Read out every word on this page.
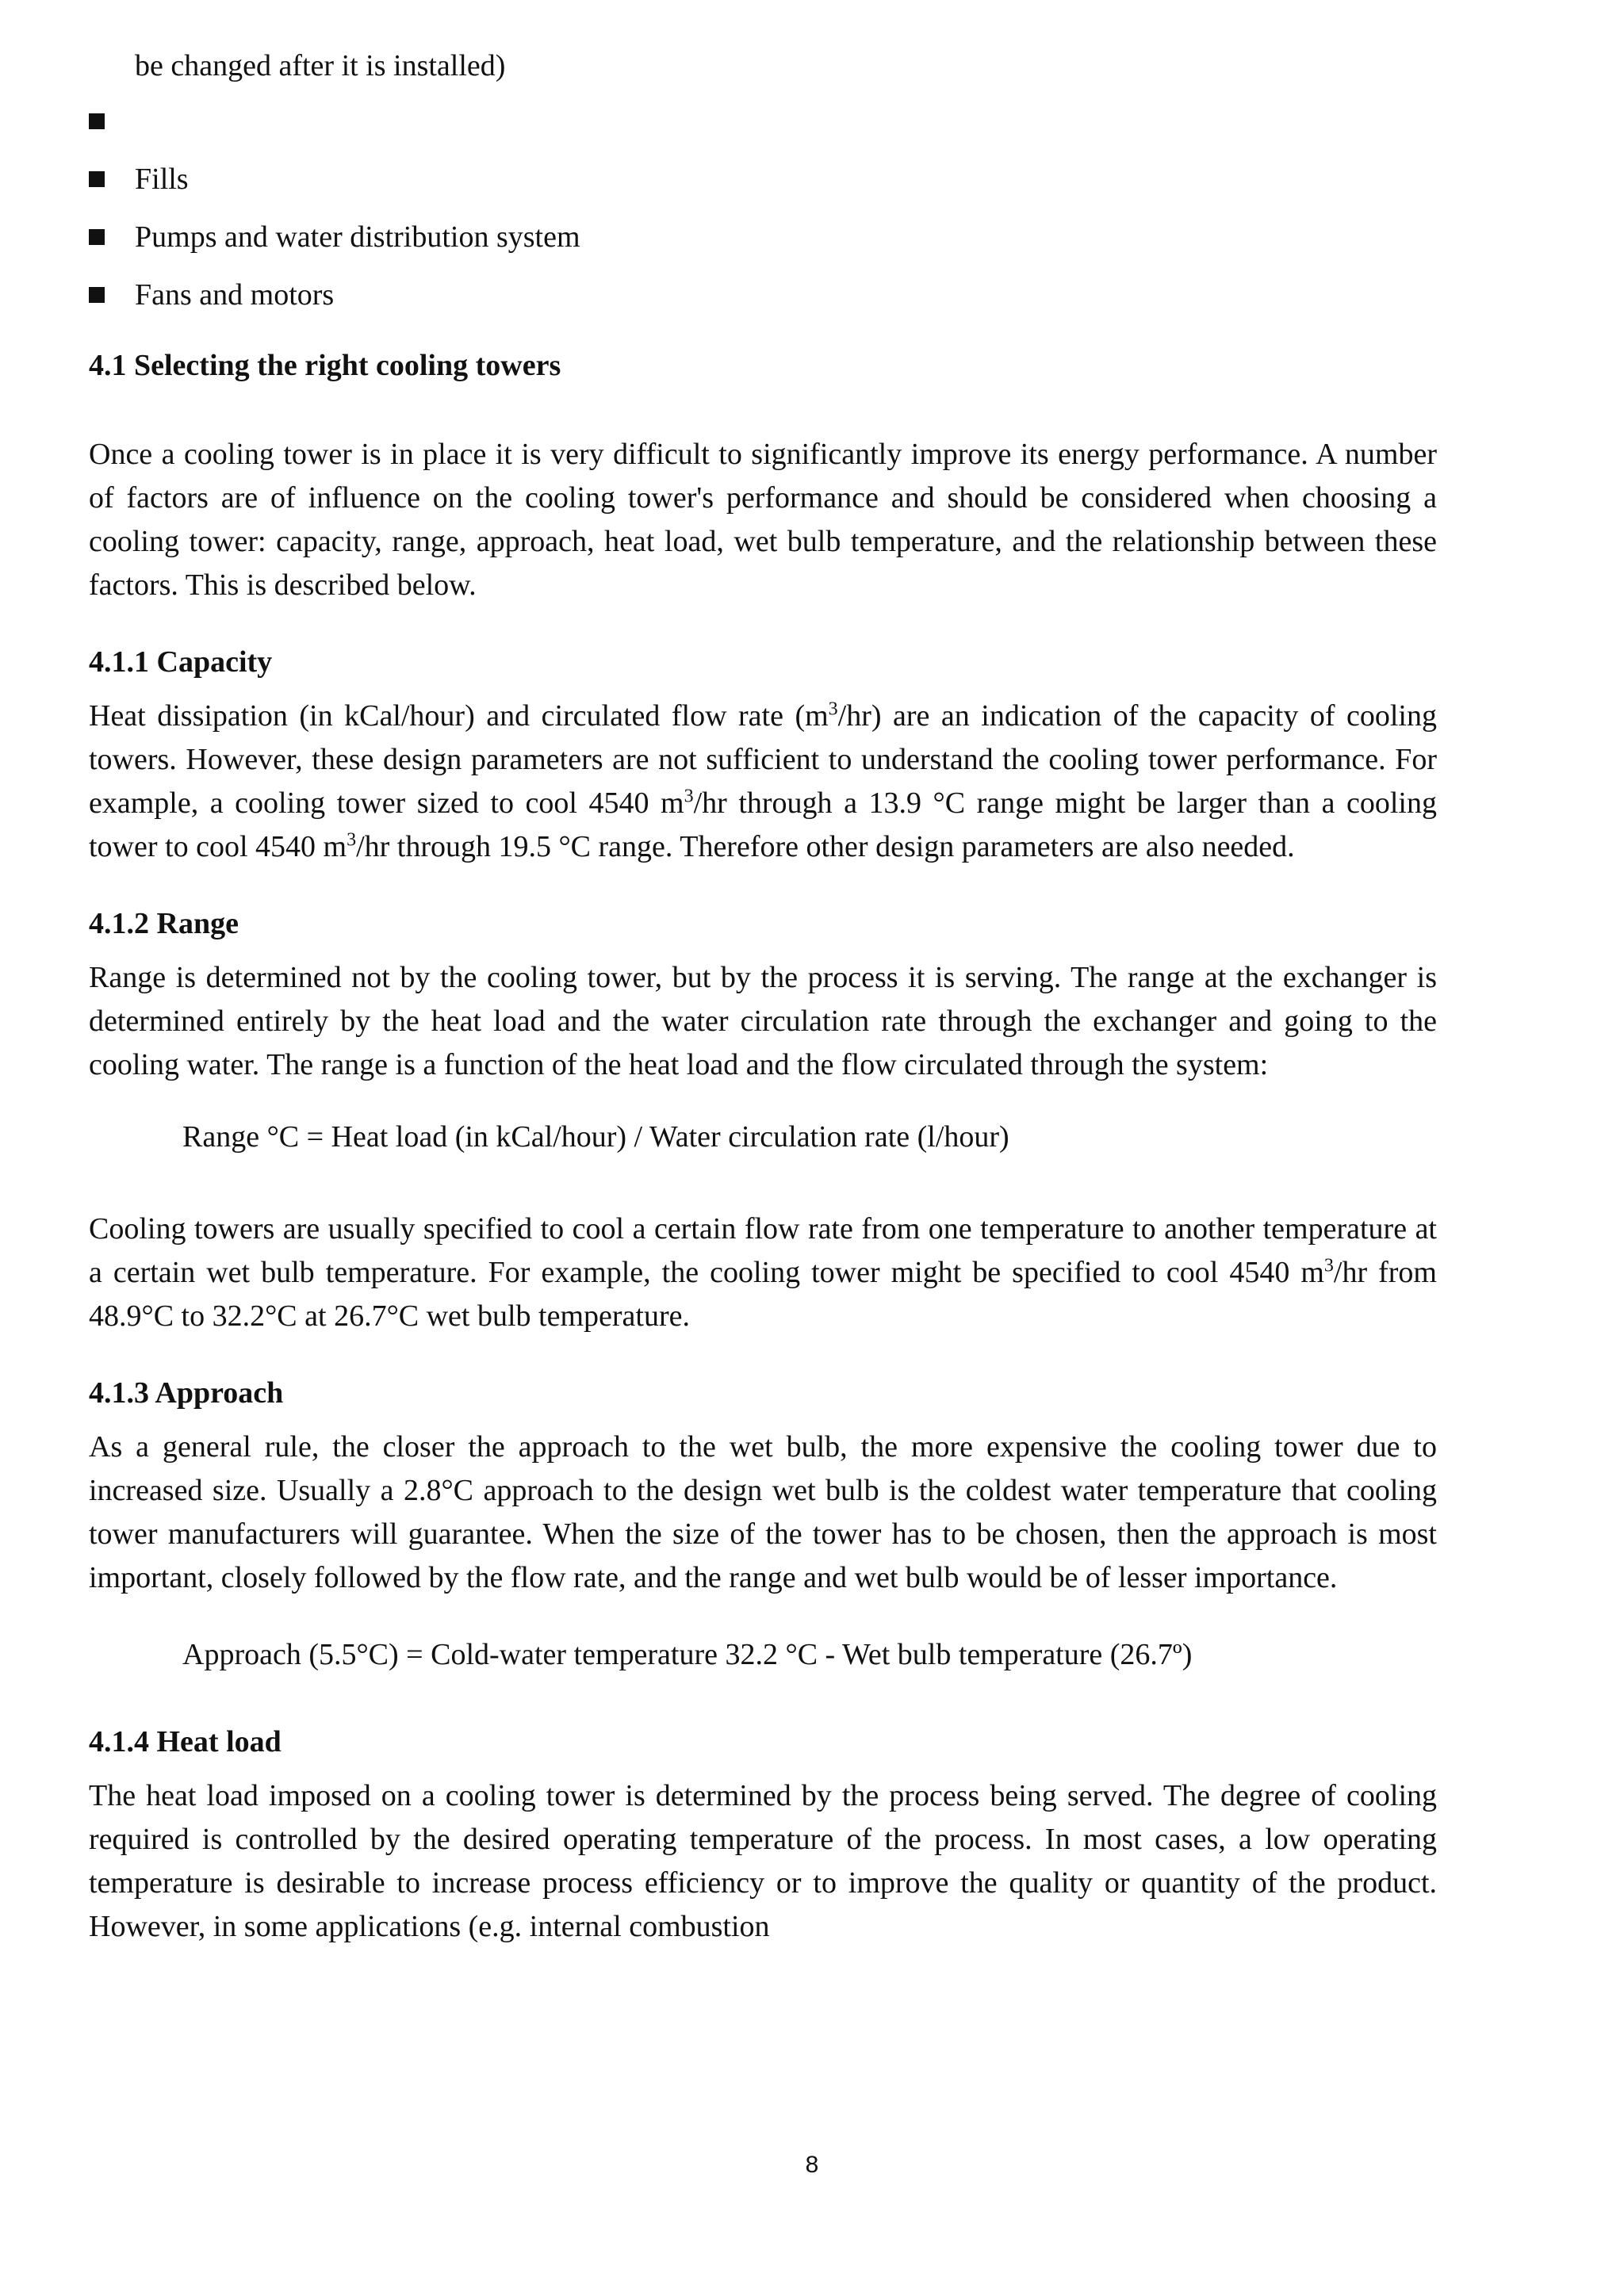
be changed after it is installed)
Fills
Pumps and water distribution system
Fans and motors
4.1 Selecting the right cooling towers

Once a cooling tower is in place it is very difficult to significantly improve its energy performance. A number of factors are of influence on the cooling tower's performance and should be considered when choosing a cooling tower: capacity, range, approach, heat load, wet bulb temperature, and the relationship between these factors. This is described below.

4.1.1 Capacity

Heat dissipation (in kCal/hour) and circulated flow rate $(m^3/hr)$ are an indication of the capacity of cooling towers. However, these design parameters are not sufficient to understand the cooling tower performance. For example, a cooling tower sized to cool 4540 $m^3/hr$ through a 13.9 °C range might be larger than a cooling tower to cool 4540 $m^3/hr$ through 19.5 °C range. Therefore other design parameters are also needed.

4.1.2 Range

Range is determined not by the cooling tower, but by the process it is serving. The range at the exchanger is determined entirely by the heat load and the water circulation rate through the exchanger and going to the cooling water. The range is a function of the heat load and the flow circulated through the system:

Range °C = Heat load (in kCal/hour) / Water circulation rate (l/hour)

Cooling towers are usually specified to cool a certain flow rate from one temperature to another temperature at a certain wet bulb temperature. For example, the cooling tower might be specified to cool 4540 $m^3/hr$ from 48.9°C to 32.2°C at 26.7°C wet bulb temperature.

4.1.3 Approach

As a general rule, the closer the approach to the wet bulb, the more expensive the cooling tower due to increased size. Usually a 2.8°C approach to the design wet bulb is the coldest water temperature that cooling tower manufacturers will guarantee. When the size of the tower has to be chosen, then the approach is most important, closely followed by the flow rate, and the range and wet bulb would be of lesser importance.

Approach (5.5°C) = Cold-water temperature 32.2 °C - Wet bulb temperature (26.7º)
4.1.4 Heat load

The heat load imposed on a cooling tower is determined by the process being served. The degree of cooling required is controlled by the desired operating temperature of the process. In most cases, a low operating temperature is desirable to increase process efficiency or to improve the quality or quantity of the product. However, in some applications (e.g. internal combustion

8
